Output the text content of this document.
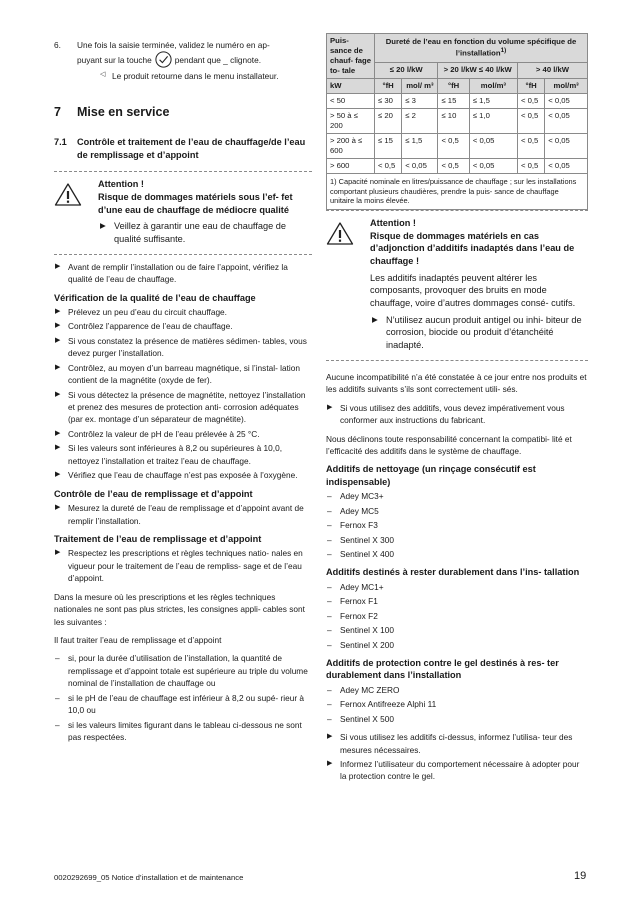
6. Une fois la saisie terminée, validez le numéro en ap-

puyant sur la touche	pendant que _ clignote.
◁ Le produit retourne dans le menu installateur.
7	Mise en service
7.1	Contrôle et traitement de l’eau de chauffage/de l’eau de remplissage et d’appoint
Attention !
Risque de dommages matériels sous l’ef- fet d’une eau de chauffage de médiocre qualité
▶ Veillez à garantir une eau de chauffage de qualité suffisante.
▶ Avant de remplir l’installation ou de faire l’appoint, vérifiez la qualité de l’eau de chauffage.
Vérification de la qualité de l’eau de chauffage
▶ Prélevez un peu d’eau du circuit chauffage.
▶ Contrôlez l’apparence de l’eau de chauffage.
▶ Si vous constatez la présence de matières sédimen- tables, vous devez purger l’installation.
▶ Contrôlez, au moyen d’un barreau magnétique, si l’instal- lation contient de la magnétite (oxyde de fer).
▶ Si vous détectez la présence de magnétite, nettoyez l’installation et prenez des mesures de protection anti- corrosion adéquates (par ex. montage d’un séparateur de magnétite).
▶ Contrôlez la valeur de pH de l’eau prélevée à 25 °C.
▶ Si les valeurs sont inférieures à 8,2 ou supérieures à 10,0, nettoyez l’installation et traitez l’eau de chauffage.
▶ Vérifiez que l’eau de chauffage n’est pas exposée à l’oxygène.
Contrôle de l’eau de remplissage et d’appoint
▶ Mesurez la dureté de l’eau de remplissage et d’appoint avant de remplir l’installation.
Traitement de l’eau de remplissage et d’appoint
▶ Respectez les prescriptions et règles techniques natio- nales en vigueur pour le traitement de l’eau de rempliss- sage et de l’eau d’appoint.

Dans la mesure où les prescriptions et les règles techniques nationales ne sont pas plus strictes, les consignes appli- cables sont les suivantes :

Il faut traiter l’eau de remplissage et d’appoint

– si, pour la durée d’utilisation de l’installation, la quantité de remplissage et d’appoint totale est supérieure au triple du volume nominal de l’installation de chauffage ou
– si le pH de l’eau de chauffage est inférieur à 8,2 ou supé- rieur à 10,0 ou
– si les valeurs limites figurant dans le tableau ci-dessous ne sont pas respectées.
Puis- sance de chauf- fage to- tale	Dureté de l’eau en fonction du volume spécifique de l’installation$^{1)}$
	≤ 20 l/kW		> 20 l/kW ≤ 40 l/kW		> 40 l/kW	
kW	°fH	mol/ m³	°fH	mol/m³	°fH	mol/m³
< 50	≤ 30	≤ 3	≤ 15	≤ 1,5	< 0,5	< 0,05
> 50 à ≤ 200	≤ 20	≤ 2	≤ 10	≤ 1,0	< 0,5	< 0,05
> 200 à ≤ 600	≤ 15	≤ 1,5	< 0,5	< 0,05	< 0,5	< 0,05
> 600	< 0,5	< 0,05	< 0,5	< 0,05	< 0,5	< 0,05
1) Capacité nominale en litres/puissance de chauffage ; sur les installations comportant plusieurs chaudières, prendre la puis- sance de chauffage unitaire la moins élevée.						
Attention !
Risque de dommages matériels en cas d’adjonction d’additifs inadaptés dans l’eau de chauffage !
Les additifs inadaptés peuvent altérer les composants, provoquer des bruits en mode chauffage, voire d’autres dommages consé- cutifs.
▶ N’utilisez aucun produit antigel ou inhi- biteur de corrosion, biocide ou produit d’étanchéité inadapté.

Aucune incompatibilité n’a été constatée à ce jour entre nos produits et les additifs suivants s’ils sont correctement utili- sés.

▶ Si vous utilisez des additifs, vous devez impérativement vous conformer aux instructions du fabricant.

Nous déclinons toute responsabilité concernant la compatibi- lité et l’efficacité des additifs dans le système de chauffage.

Additifs de nettoyage (un rinçage consécutif est indispensable)
– Adey MC3+
– Adey MC5
– Fernox F3
– Sentinel X 300
– Sentinel X 400
Additifs destinés à rester durablement dans l’ins- tallation
– Adey MC1+
– Fernox F1
– Fernox F2
– Sentinel X 100
– Sentinel X 200
Additifs de protection contre le gel destinés à res- ter durablement dans l’installation
– Adey MC ZERO
– Fernox Antifreeze Alphi 11
– Sentinel X 500
▶ Si vous utilisez les additifs ci-dessus, informez l’utilisa- teur des mesures nécessaires.
▶ Informez l’utilisateur du comportement nécessaire à adopter pour la protection contre le gel.
0020292699_05 Notice d’installation et de maintenance	19
